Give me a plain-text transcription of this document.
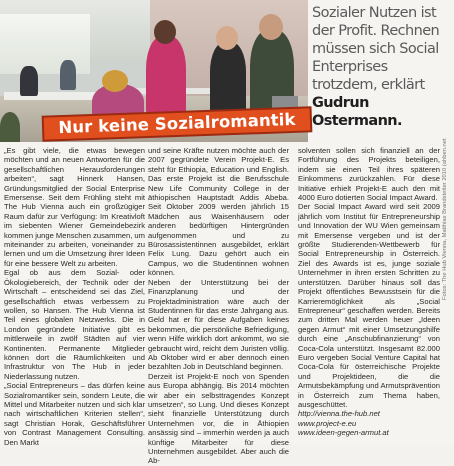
Nur keine Sozialromantik

Sozialer Nutzen ist der Profit. Rechnen müssen sich Social Enterprises trotzdem, erklärt Gudrun Ostermann.

„Es gibt viele, die etwas bewegen möchten und an neuen Antworten für die gesellschaftlichen Herausforderungen arbeiten“, sagt Hinnerk Hansen, Gründungsmitglied der Social Enterprise Emersense. Seit dem Frühling steht mit The Hub Vienna auch ein großzügiger Raum dafür zur Verfügung: Im Kreativloft im siebenten Wiener Gemeindebezirk kommen junge Menschen zusammen, um miteinander zu arbeiten, voneinander zu lernen und um die Umsetzung ihrer Ideen für eine bessere Welt zu arbeiten.

Egal ob aus dem Sozial- oder Ökologiebereich, der Technik oder der Wirtschaft – entscheidend sei das Ziel, gesellschaftlich etwas verbessern zu wollen, so Hansen. The Hub Vienna ist Teil eines globalen Netzwerks. Die in London gegründete Initiative gibt es mittlerweile in zwölf Städten auf vier Kontinenten. Permanente Mitglieder können dort die Räumlichkeiten und Infrastruktur von The Hub in jeder Niederlassung nutzen.

„Social Entrepreneurs – das dürfen keine Sozialromantiker sein, sondern Leute, die Mittel und Mitarbeiter nutzen und sich klar nach wirtschaftlichen Kriterien stellen“, sagt Christian Horak, Geschäftsführer von Contrast Management Consulting. Den Markt

und seine Kräfte nutzen möchte auch der 2007 gegründete Verein Projekt-E. Es steht für Ethiopia, Education und English. Das erste Projekt ist die Berufsschule New Life Community College in der äthiopischen Hauptstadt Addis Abeba. Seit Oktober 2009 werden jährlich 15 Mädchen aus Waisenhäusern oder anderen bedürftigen Hintergründen aufgenommen und zu Bürosassistentinnen ausgebildet, erklärt Felix Lung. Dazu gehört auch ein Campus, wo die Studentinnen wohnen können.

Neben der Unterstützung bei der Finanzplanung und der Projektadministration wäre auch der Studentinnen für das erste Jahrgang aus. Geld hat er für diese Aufgaben keines bekommen, die persönliche Befriedigung, wenn Hilfe wirklich dort ankommt, wo sie gebraucht wird, reicht dem Juristen völlig. Ab Oktober wird er aber dennoch einen bezahlten Job in Deutschland beginnen.

Derzeit ist Projekt-E noch von Spenden aus Europa abhängig. Bis 2014 möchten wir aber ein selbsttragendes Konzept umsetzen“, so Lung. Und dieses Konzept sieht finanzielle Unterstützung durch Unternehmen vor, die in Äthiopien ansässig sind – immerhin werden ja auch künftige Mitarbeiter für diese Unternehmen ausgebildet. Aber auch die Ab-

solventen sollen sich finanziell an der Fortführung des Projekts beteiligen, indem sie einen Teil ihres späteren Einkommens zurückzahlen. Für diese Initiative erhielt Projekt-E auch den mit 4000 Euro dotierten Social Impact Award.

Der Social Impact Award wird seit 2009 jährlich vom Institut für Entrepreneurship und Innovation der WU Wien gemeinsam mit Emersense vergeben und ist der größte Studierenden-Wettbewerb für Social Entrepreneurship in Österreich. Ziel des Awards ist es, junge soziale Unternehmer in ihren ersten Schritten zu unterstützen. Darüber hinaus soll das Projekt öffentliches Bewusstsein für die Karrieremöglichkeit als „Social Entrepreneur“ geschaffen werden. Bereits zum dritten Mal werden heuer „Ideen gegen Armut“ mit einer Umsetzungshilfe durch eine „Anschubfinanzierung“ von Coca-Cola unterstützt. Insgesamt 82.000 Euro vergeben Social Venture Capital hat Coca-Cola für österreichische Projekte und Projektideen, die die Armutsbekämpfung und Armutsprävention in Österreich zum Thema haben, ausgeschüttet.

http://vienna.the-hub.net

www.project-e.eu

www.ideen-gegen-armut.at

Fotos: The Hub Vienna, Matthias Brandstetter 2010 (ahben.net
